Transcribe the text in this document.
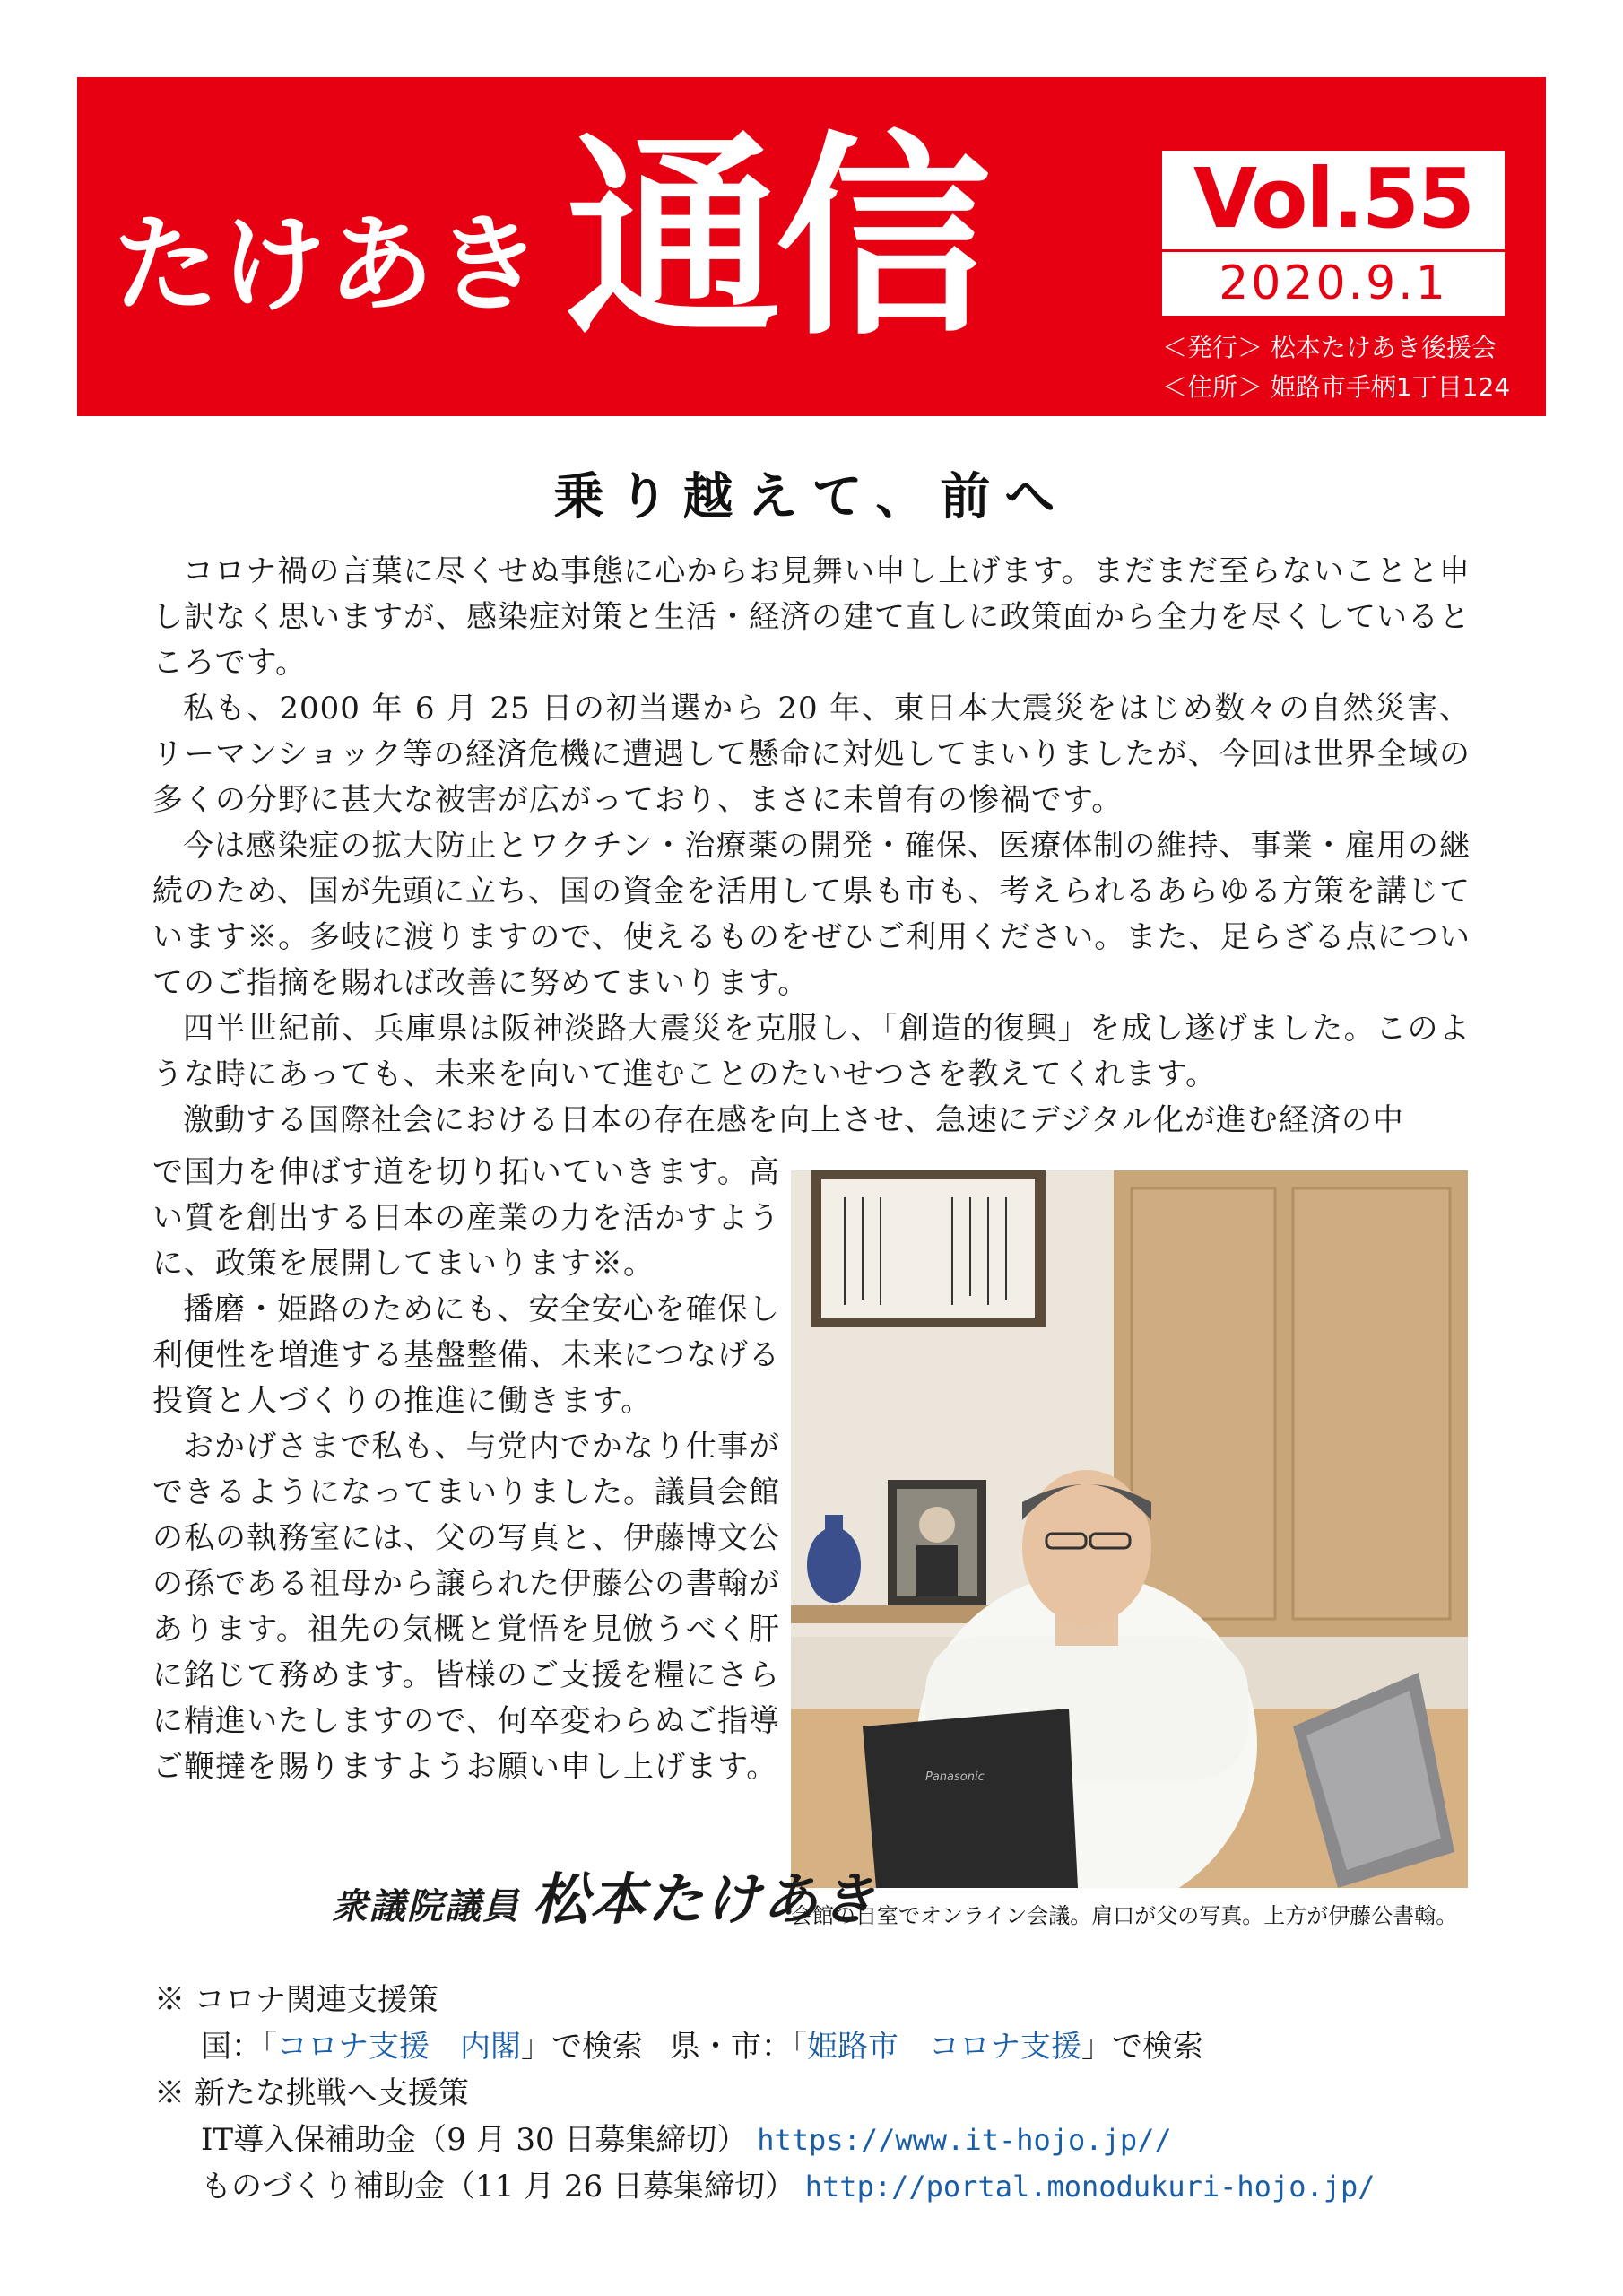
たけあき 通信	Vol.55
2020.9.1
＜発行＞ 松本たけあき後援会
＜住所＞ 姫路市手柄1丁目124
乗り越えて、前へ

コロナ禍の言葉に尽くせぬ事態に心からお見舞い申し上げます。まだまだ至らないことと申し訳なく思いますが、感染症対策と生活・経済の建て直しに政策面から全力を尽くしているところです。

私も、2000 年 6 月 25 日の初当選から 20 年、東日本大震災をはじめ数々の自然災害、リーマンショック等の経済危機に遭遇して懸命に対処してまいりましたが、今回は世界全域の多くの分野に甚大な被害が広がっており、まさに未曽有の惨禍です。

今は感染症の拡大防止とワクチン・治療薬の開発・確保、医療体制の維持、事業・雇用の継続のため、国が先頭に立ち、国の資金を活用して県も市も、考えられるあらゆる方策を講じています※。多岐に渡りますので、使えるものをぜひご利用ください。また、足らざる点についてのご指摘を賜れば改善に努めてまいります。

四半世紀前、兵庫県は阪神淡路大震災を克服し、「創造的復興」を成し遂げました。このような時にあっても、未来を向いて進むことのたいせつさを教えてくれます。

激動する国際社会における日本の存在感を向上させ、急速にデジタル化が進む経済の中

で国力を伸ばす道を切り拓いていきます。高い質を創出する日本の産業の力を活かすように、政策を展開してまいります※。

播磨・姫路のためにも、安全安心を確保し利便性を増進する基盤整備、未来につなげる投資と人づくりの推進に働きます。

おかげさまで私も、与党内でかなり仕事ができるようになってまいりました。議員会館の私の執務室には、父の写真と、伊藤博文公の孫である祖母から譲られた伊藤公の書翰があります。祖先の気概と覚悟を見倣うべく肝に銘じて務めます。皆様のご支援を糧にさらに精進いたしますので、何卒変わらぬご指導ご鞭撻を賜りますようお願い申し上げます。	Panasonic
会館の自室でオンライン会議。肩口が父の写真。上方が伊藤公書翰。
衆議院議員 松本たけあき
※ コロナ関連支援策
国：「コロナ支援　内閣」で検索 県・市：「姫路市　コロナ支援」で検索
※ 新たな挑戦へ支援策
IT導入保補助金（9 月 30 日募集締切） https://www.it-hojo.jp//
ものづくり補助金（11 月 26 日募集締切） http://portal.monodukuri-hojo.jp/
